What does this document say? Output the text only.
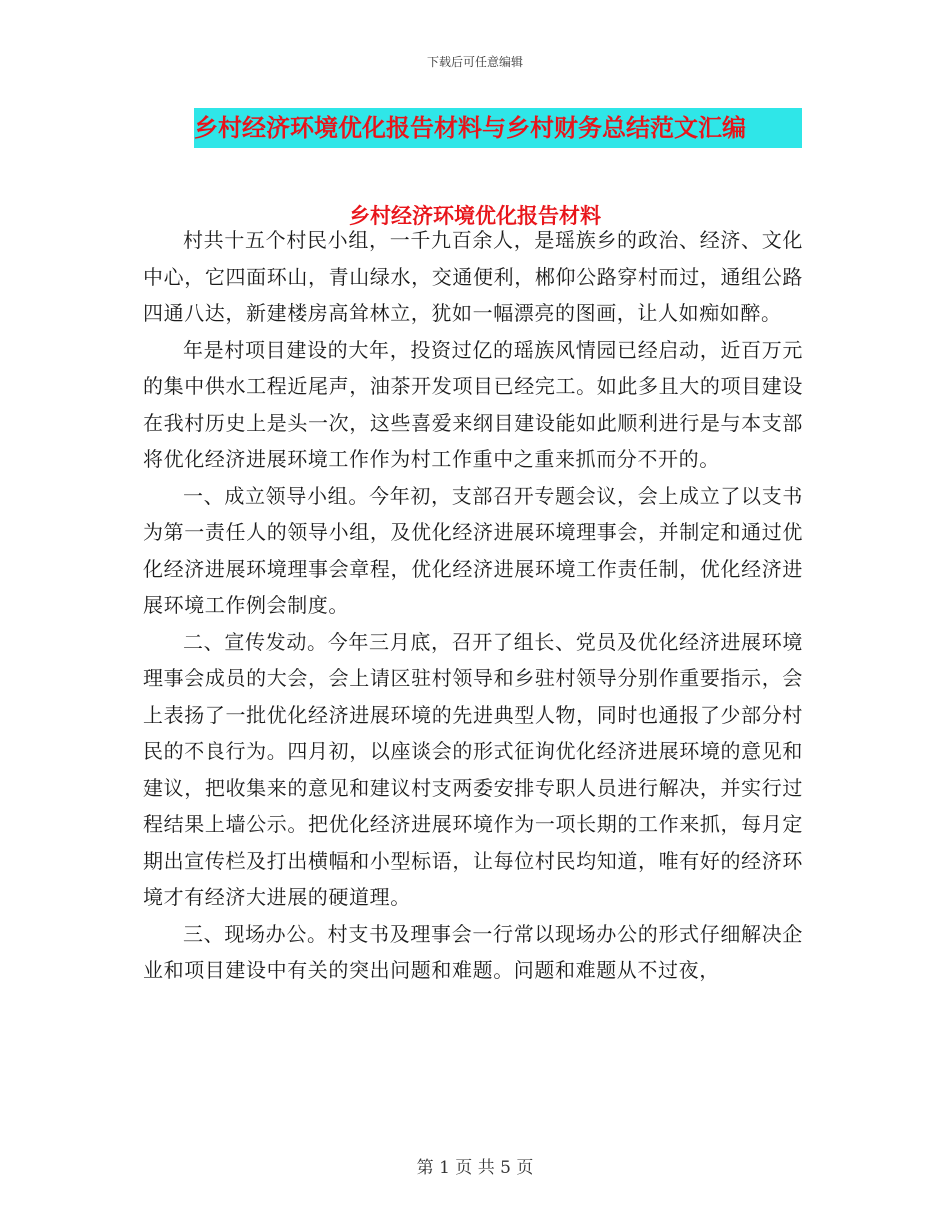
下载后可任意编辑
乡村经济环境优化报告材料与乡村财务总结范文汇编
乡村经济环境优化报告材料

村共十五个村民小组，一千九百余人，是瑶族乡的政治、经济、文化中心，它四面环山，青山绿水，交通便利，郴仰公路穿村而过，通组公路四通八达，新建楼房高耸林立，犹如一幅漂亮的图画，让人如痴如醉。

年是村项目建设的大年，投资过亿的瑶族风情园已经启动，近百万元的集中供水工程近尾声，油茶开发项目已经完工。如此多且大的项目建设在我村历史上是头一次，这些喜爱来纲目建设能如此顺利进行是与本支部将优化经济进展环境工作作为村工作重中之重来抓而分不开的。

一、成立领导小组。今年初，支部召开专题会议，会上成立了以支书为第一责任人的领导小组，及优化经济进展环境理事会，并制定和通过优化经济进展环境理事会章程，优化经济进展环境工作责任制，优化经济进展环境工作例会制度。

二、宣传发动。今年三月底，召开了组长、党员及优化经济进展环境理事会成员的大会，会上请区驻村领导和乡驻村领导分别作重要指示，会上表扬了一批优化经济进展环境的先进典型人物，同时也通报了少部分村民的不良行为。四月初，以座谈会的形式征询优化经济进展环境的意见和建议，把收集来的意见和建议村支两委安排专职人员进行解决，并实行过程结果上墙公示。把优化经济进展环境作为一项长期的工作来抓，每月定期出宣传栏及打出横幅和小型标语，让每位村民均知道，唯有好的经济环境才有经济大进展的硬道理。

三、现场办公。村支书及理事会一行常以现场办公的形式仔细解决企业和项目建设中有关的突出问题和难题。问题和难题从不过夜，

第 1 页 共 5 页
